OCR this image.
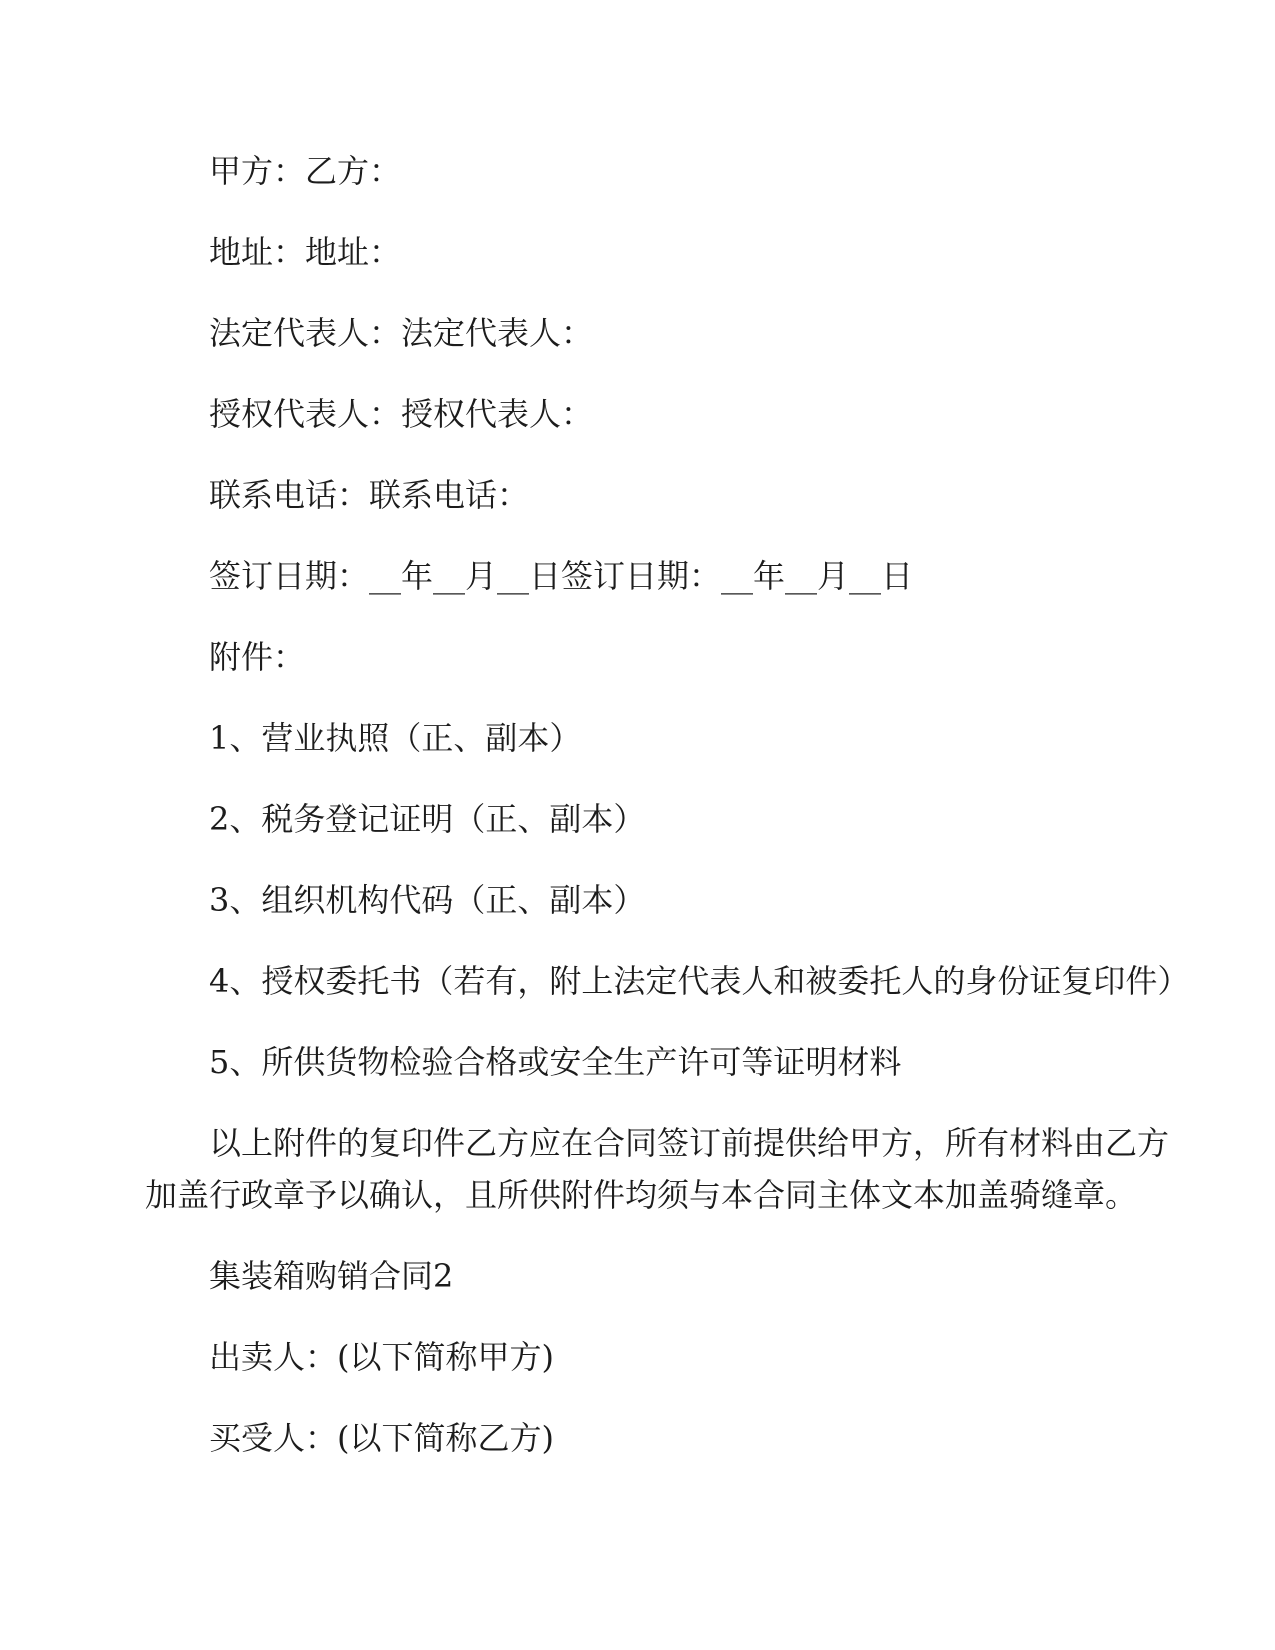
甲方：乙方：

地址：地址：

法定代表人：法定代表人：

授权代表人：授权代表人：

联系电话：联系电话：

签订日期：__年__月__日签订日期：__年__月__日

附件：

1、营业执照（正、副本）

2、税务登记证明（正、副本）

3、组织机构代码（正、副本）

4、授权委托书（若有，附上法定代表人和被委托人的身份证复印件）

5、所供货物检验合格或安全生产许可等证明材料

以上附件的复印件乙方应在合同签订前提供给甲方，所有材料由乙方加盖行政章予以确认，且所供附件均须与本合同主体文本加盖骑缝章。

集装箱购销合同2

出卖人：(以下简称甲方)

买受人：(以下简称乙方)
